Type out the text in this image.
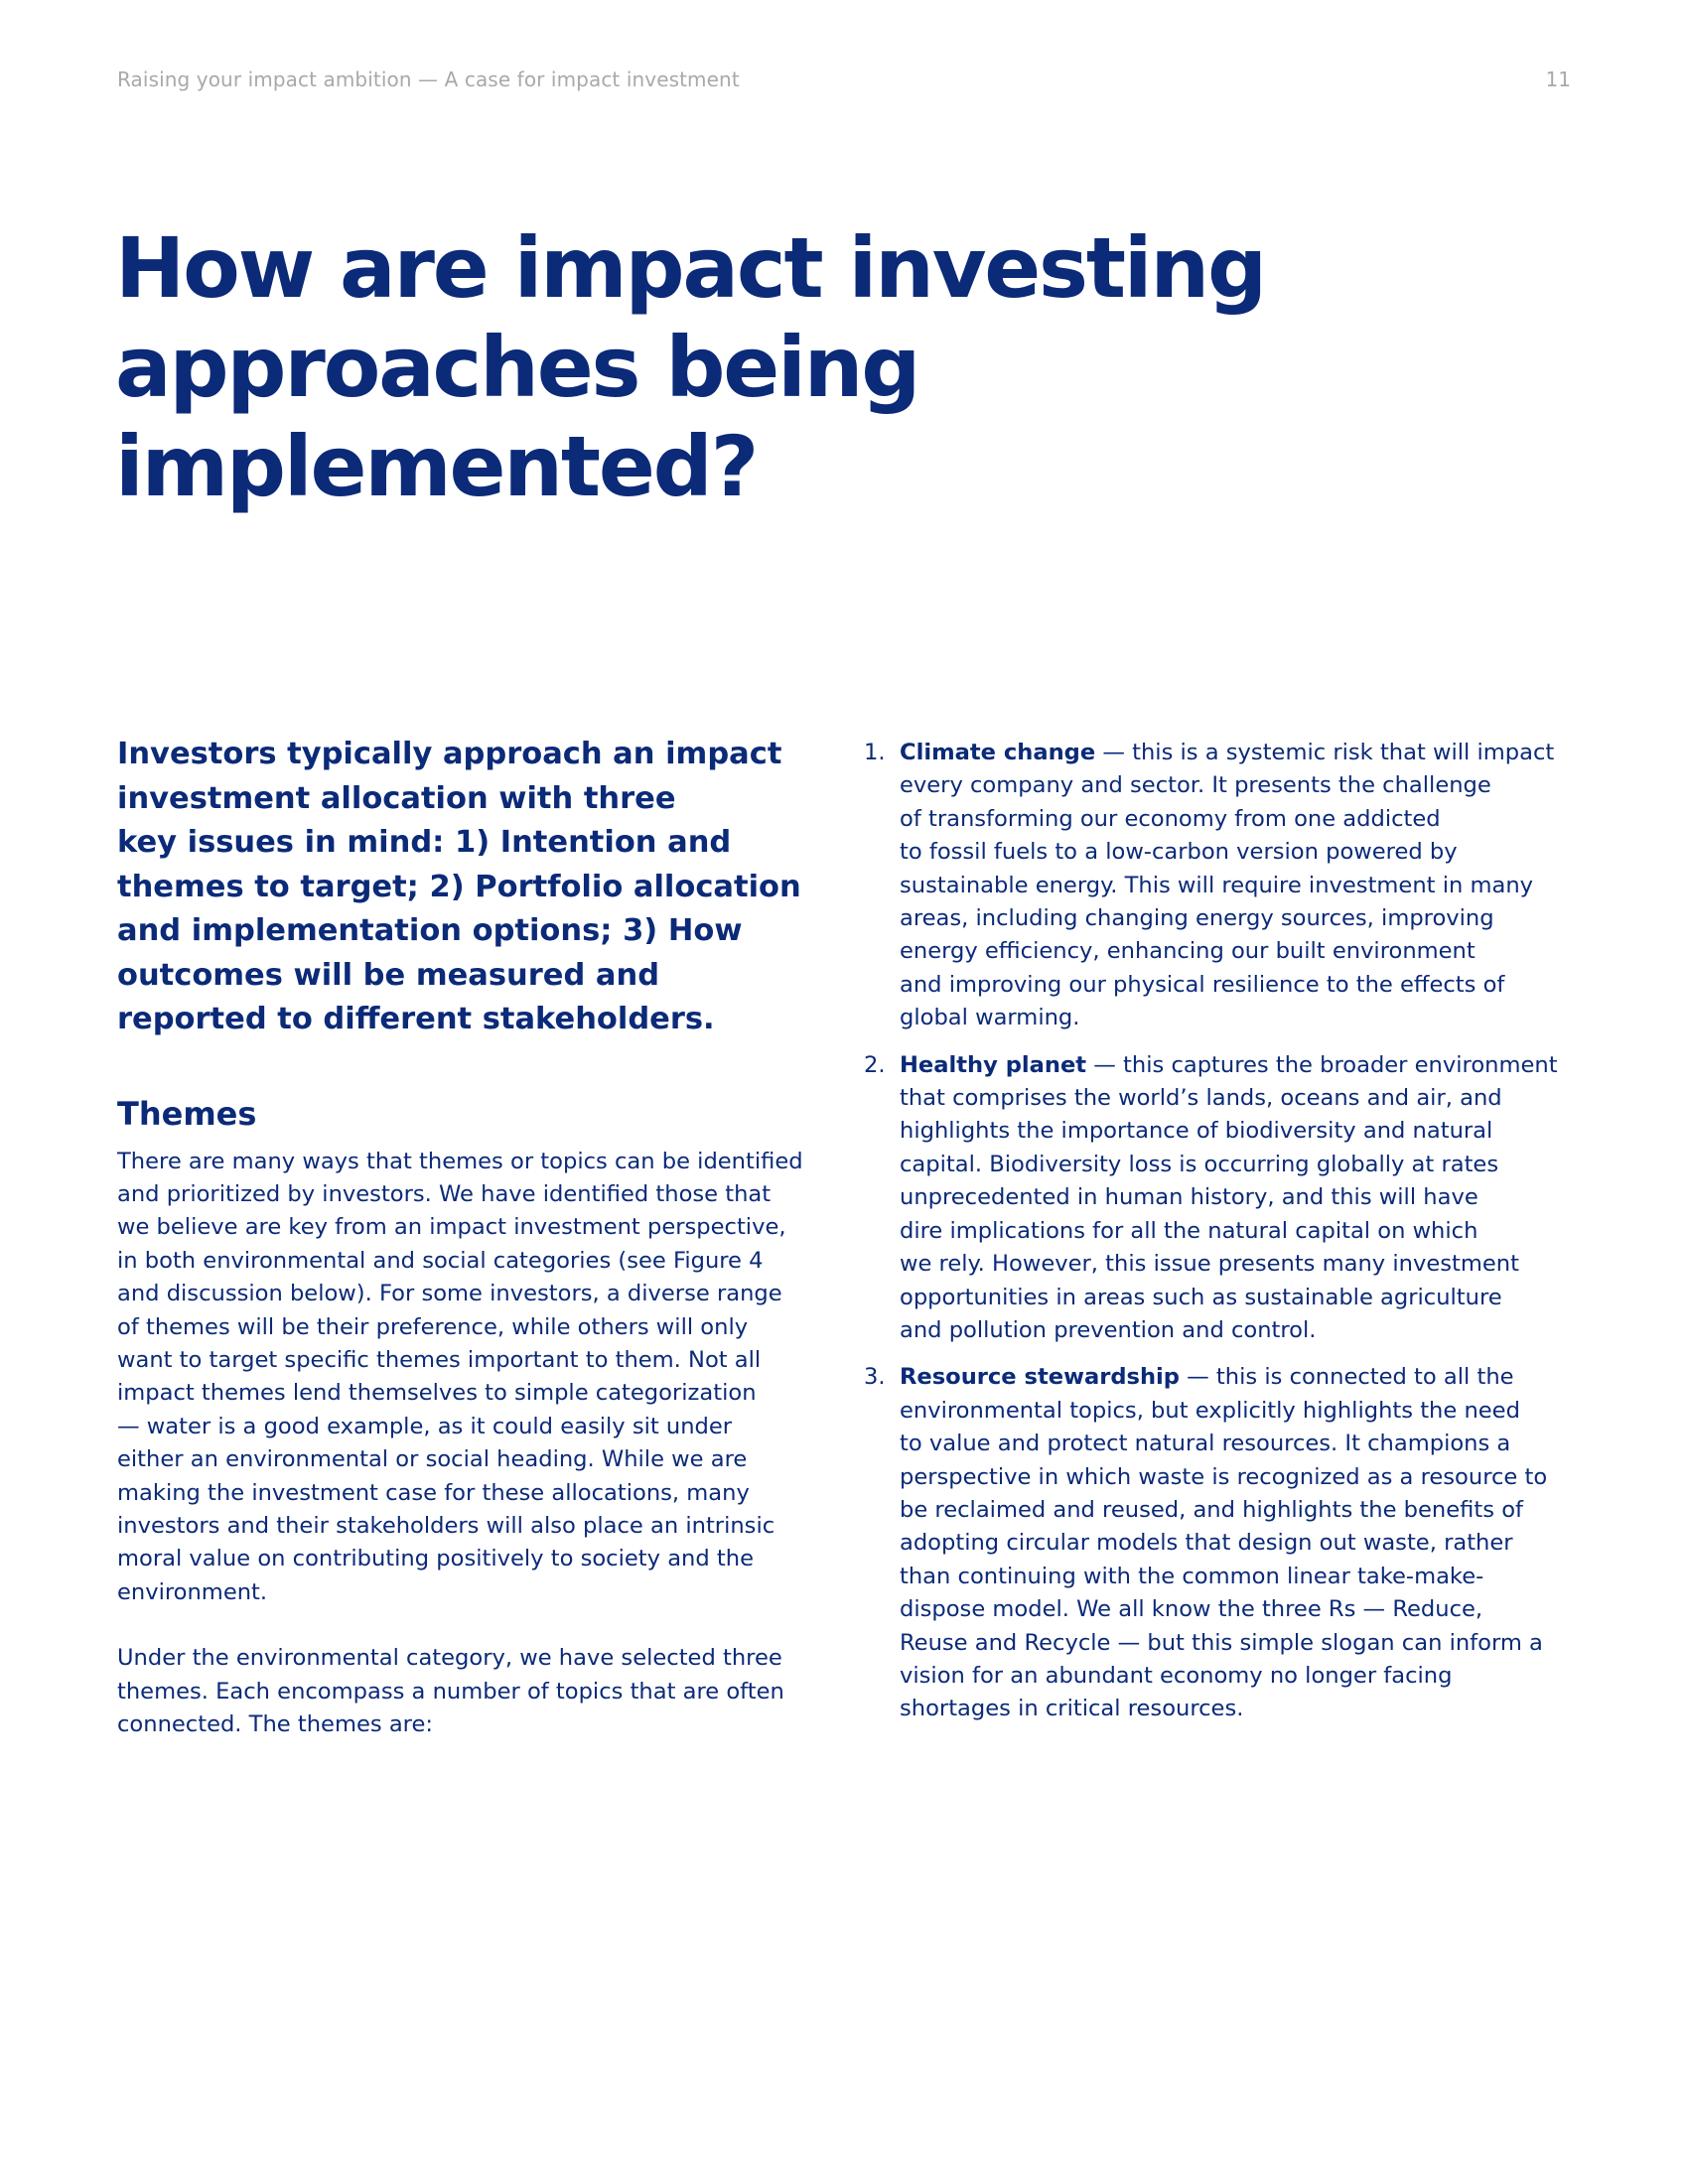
Raising your impact ambition — A case for impact investment	11
How are impact investing
approaches being implemented?

Investors typically approach an impact
investment allocation with three
key issues in mind: 1) Intention and
themes to target; 2) Portfolio allocation
and implementation options; 3) How
outcomes will be measured and
reported to different stakeholders.

Themes

There are many ways that themes or topics can be identified
and prioritized by investors. We have identified those that
we believe are key from an impact investment perspective,
in both environmental and social categories (see Figure 4
and discussion below). For some investors, a diverse range
of themes will be their preference, while others will only
want to target specific themes important to them. Not all
impact themes lend themselves to simple categorization
— water is a good example, as it could easily sit under
either an environmental or social heading. While we are
making the investment case for these allocations, many
investors and their stakeholders will also place an intrinsic
moral value on contributing positively to society and the
environment.

Under the environmental category, we have selected three
themes. Each encompass a number of topics that are often
connected. The themes are:

1. Climate change — this is a systemic risk that will impact
every company and sector. It presents the challenge
of transforming our economy from one addicted
to fossil fuels to a low-carbon version powered by
sustainable energy. This will require investment in many
areas, including changing energy sources, improving
energy efficiency, enhancing our built environment
and improving our physical resilience to the effects of
global warming.
2. Healthy planet — this captures the broader environment
that comprises the world’s lands, oceans and air, and
highlights the importance of biodiversity and natural
capital. Biodiversity loss is occurring globally at rates
unprecedented in human history, and this will have
dire implications for all the natural capital on which
we rely. However, this issue presents many investment
opportunities in areas such as sustainable agriculture
and pollution prevention and control.
3. Resource stewardship — this is connected to all the
environmental topics, but explicitly highlights the need
to value and protect natural resources. It champions a
perspective in which waste is recognized as a resource to
be reclaimed and reused, and highlights the benefits of
adopting circular models that design out waste, rather
than continuing with the common linear take-make-
dispose model. We all know the three Rs — Reduce,
Reuse and Recycle — but this simple slogan can inform a
vision for an abundant economy no longer facing
shortages in critical resources.
